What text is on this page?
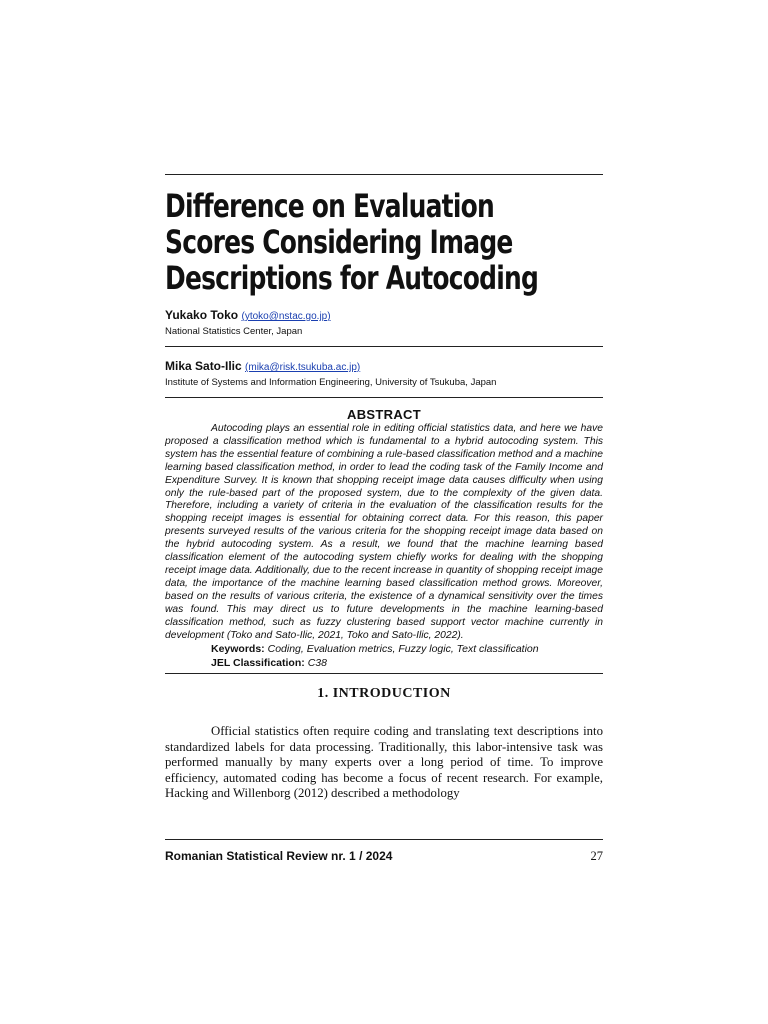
Difference on Evaluation
Scores Considering Image
Descriptions for Autocoding
Yukako Toko (ytoko@nstac.go.jp)
National Statistics Center, Japan
Mika Sato-Ilic (mika@risk.tsukuba.ac.jp)
Institute of Systems and Information Engineering, University of Tsukuba, Japan
ABSTRACT

Autocoding plays an essential role in editing official statistics data, and here we have proposed a classification method which is fundamental to a hybrid autocoding system. This system has the essential feature of combining a rule-based classification method and a machine learning based classification method, in order to lead the coding task of the Family Income and Expenditure Survey. It is known that shopping receipt image data causes difficulty when using only the rule-based part of the proposed system, due to the complexity of the given data. Therefore, including a variety of criteria in the evaluation of the classification results for the shopping receipt images is essential for obtaining correct data. For this reason, this paper presents surveyed results of the various criteria for the shopping receipt image data based on the hybrid autocoding system. As a result, we found that the machine learning based classification element of the autocoding system chiefly works for dealing with the shopping receipt image data. Additionally, due to the recent increase in quantity of shopping receipt image data, the importance of the machine learning based classification method grows. Moreover, based on the results of various criteria, the existence of a dynamical sensitivity over the times was found. This may direct us to future developments in the machine learning-based classification method, such as fuzzy clustering based support vector machine currently in development (Toko and Sato-Ilic, 2021, Toko and Sato-Ilic, 2022).

Keywords: Coding, Evaluation metrics, Fuzzy logic, Text classification
JEL Classification: C38
1. INTRODUCTION

Official statistics often require coding and translating text descriptions into standardized labels for data processing. Traditionally, this labor-intensive task was performed manually by many experts over a long period of time. To improve efficiency, automated coding has become a focus of recent research. For example, Hacking and Willenborg (2012) described a methodology

Romanian Statistical Review nr. 1 / 2024	27
